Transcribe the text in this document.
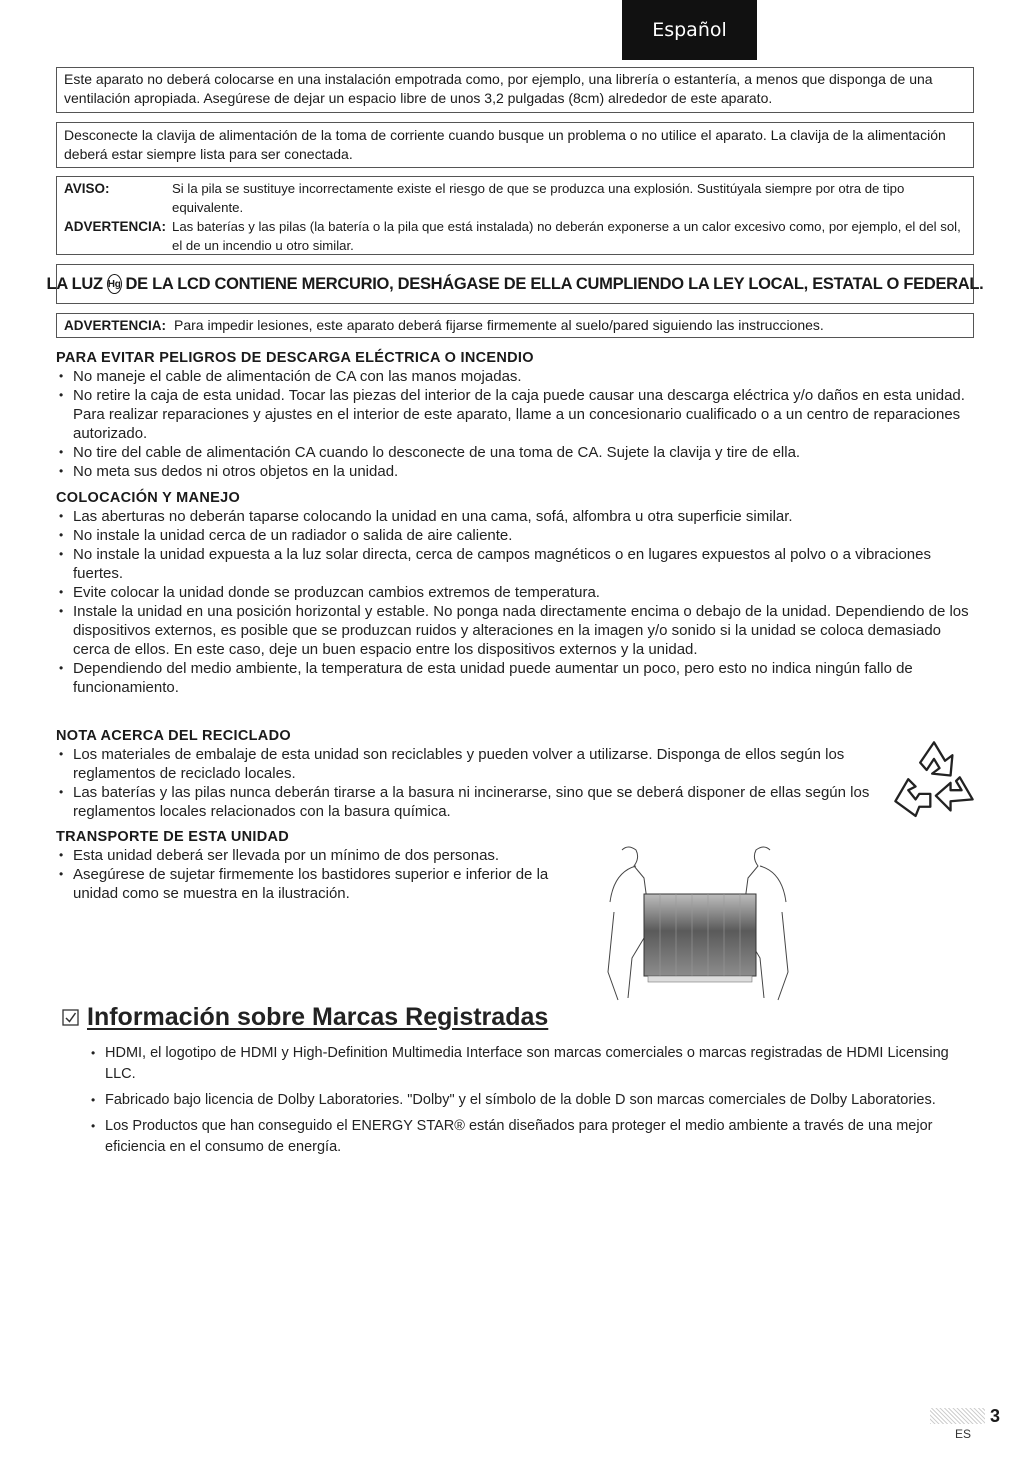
Español
Este aparato no deberá colocarse en una instalación empotrada como, por ejemplo, una librería o estantería, a menos que disponga de una ventilación apropiada. Asegúrese de dejar un espacio libre de unos 3,2 pulgadas (8cm) alrededor de este aparato.
Desconecte la clavija de alimentación de la toma de corriente cuando busque un problema o no utilice el aparato. La clavija de la alimentación deberá estar siempre lista para ser conectada.
AVISO:	Si la pila se sustituye incorrectamente existe el riesgo de que se produzca una explosión. Sustitúyala siempre por otra de tipo equivalente.
ADVERTENCIA: Las baterías y las pilas (la batería o la pila que está instalada) no deberán exponerse a un calor excesivo como, por ejemplo, el del sol, el de un incendio u otro similar.
LA LUZ Hg DE LA LCD CONTIENE MERCURIO, DESHÁGASE DE ELLA CUMPLIENDO LA LEY LOCAL, ESTATAL O FEDERAL.
ADVERTENCIA: Para impedir lesiones, este aparato deberá fijarse firmemente al suelo/pared siguiendo las instrucciones.
PARA EVITAR PELIGROS DE DESCARGA ELÉCTRICA O INCENDIO
• No maneje el cable de alimentación de CA con las manos mojadas.
• No retire la caja de esta unidad. Tocar las piezas del interior de la caja puede causar una descarga eléctrica y/o daños en esta unidad. Para realizar reparaciones y ajustes en el interior de este aparato, llame a un concesionario cualificado o a un centro de reparaciones autorizado.
• No tire del cable de alimentación CA cuando lo desconecte de una toma de CA. Sujete la clavija y tire de ella.
• No meta sus dedos ni otros objetos en la unidad.
COLOCACIÓN Y MANEJO
• Las aberturas no deberán taparse colocando la unidad en una cama, sofá, alfombra u otra superficie similar.
• No instale la unidad cerca de un radiador o salida de aire caliente.
• No instale la unidad expuesta a la luz solar directa, cerca de campos magnéticos o en lugares expuestos al polvo o a vibraciones fuertes.
• Evite colocar la unidad donde se produzcan cambios extremos de temperatura.
• Instale la unidad en una posición horizontal y estable. No ponga nada directamente encima o debajo de la unidad. Dependiendo de los dispositivos externos, es posible que se produzcan ruidos y alteraciones en la imagen y/o sonido si la unidad se coloca demasiado cerca de ellos. En este caso, deje un buen espacio entre los dispositivos externos y la unidad.
• Dependiendo del medio ambiente, la temperatura de esta unidad puede aumentar un poco, pero esto no indica ningún fallo de funcionamiento.
NOTA ACERCA DEL RECICLADO
• Los materiales de embalaje de esta unidad son reciclables y pueden volver a utilizarse. Disponga de ellos según los reglamentos de reciclado locales.
• Las baterías y las pilas nunca deberán tirarse a la basura ni incinerarse, sino que se deberá disponer de ellas según los reglamentos locales relacionados con la basura química.
TRANSPORTE DE ESTA UNIDAD
• Esta unidad deberá ser llevada por un mínimo de dos personas.
• Asegúrese de sujetar firmemente los bastidores superior e inferior de la unidad como se muestra en la ilustración.
Información sobre Marcas Registradas
• HDMI, el logotipo de HDMI y High-Definition Multimedia Interface son marcas comerciales o marcas registradas de HDMI Licensing LLC.
• Fabricado bajo licencia de Dolby Laboratories. "Dolby" y el símbolo de la doble D son marcas comerciales de Dolby Laboratories.
• Los Productos que han conseguido el ENERGY STAR® están diseñados para proteger el medio ambiente a través de una mejor eficiencia en el consumo de energía.
3
ES
